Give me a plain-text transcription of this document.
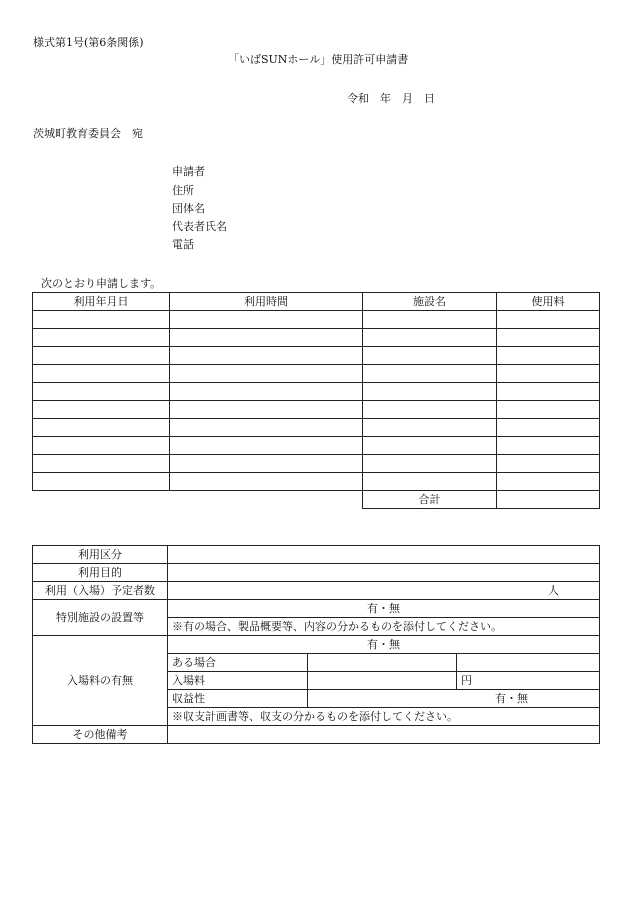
様式第1号(第6条関係)
「いばSUNホール」使用許可申請書
令和　年　月　日
茨城町教育委員会　宛
申請者
住所
団体名
代表者氏名
電話
次のとおり申請します。
利用年月日	利用時間	施設名	使用料

		合計	
利用区分			
利用目的			
利用（入場）予定者数	人		
特別施設の設置等	有・無		
	※有の場合、製品概要等、内容の分かるものを添付してください。		
入場料の有無	有・無		
	ある場合		
	入場料		円
	収益性	有・無	
	※収支計画書等、収支の分かるものを添付してください。		
その他備考			
